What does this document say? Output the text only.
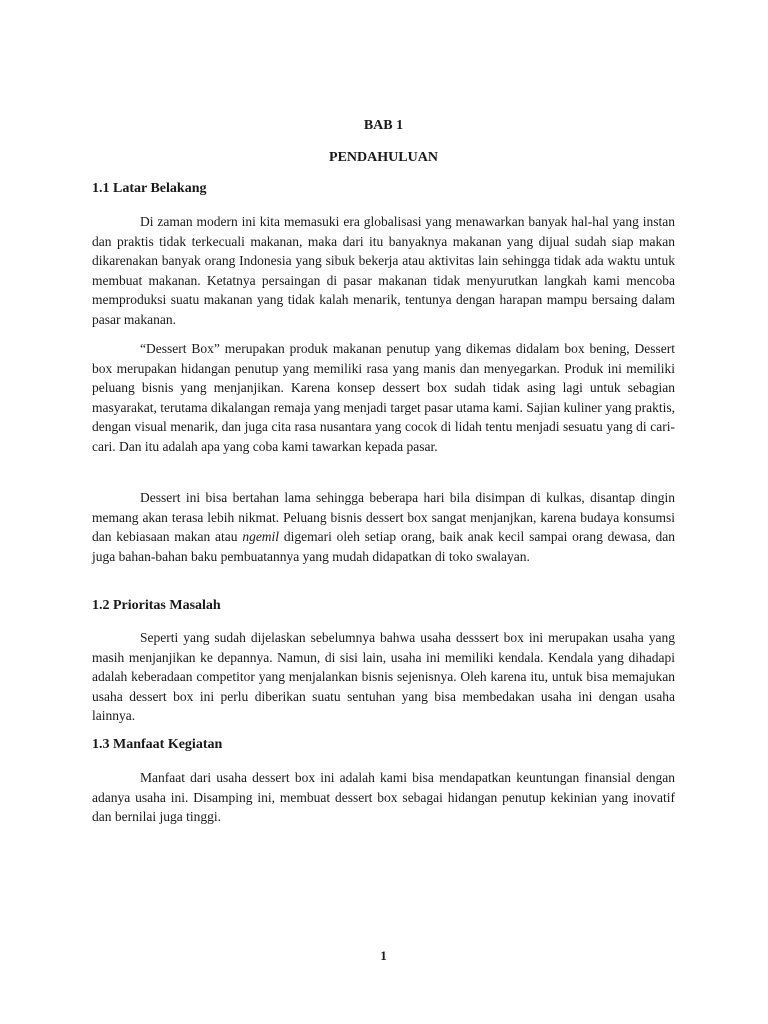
BAB 1
PENDAHULUAN
1.1 Latar Belakang

Di zaman modern ini kita memasuki era globalisasi yang menawarkan banyak hal-hal yang instan dan praktis tidak terkecuali makanan, maka dari itu banyaknya makanan yang dijual sudah siap makan dikarenakan banyak orang Indonesia yang sibuk bekerja atau aktivitas lain sehingga tidak ada waktu untuk membuat makanan. Ketatnya persaingan di pasar makanan tidak menyurutkan langkah kami mencoba memproduksi suatu makanan yang tidak kalah menarik, tentunya dengan harapan mampu bersaing dalam pasar makanan.

“Dessert Box” merupakan produk makanan penutup yang dikemas didalam box bening, Dessert box merupakan hidangan penutup yang memiliki rasa yang manis dan menyegarkan. Produk ini memiliki peluang bisnis yang menjanjikan. Karena konsep dessert box sudah tidak asing lagi untuk sebagian masyarakat, terutama dikalangan remaja yang menjadi target pasar utama kami. Sajian kuliner yang praktis, dengan visual menarik, dan juga cita rasa nusantara yang cocok di lidah tentu menjadi sesuatu yang di cari-cari. Dan itu adalah apa yang coba kami tawarkan kepada pasar.

Dessert ini bisa bertahan lama sehingga beberapa hari bila disimpan di kulkas, disantap dingin memang akan terasa lebih nikmat. Peluang bisnis dessert box sangat menjanjkan, karena budaya konsumsi dan kebiasaan makan atau ngemil digemari oleh setiap orang, baik anak kecil sampai orang dewasa, dan juga bahan-bahan baku pembuatannya yang mudah didapatkan di toko swalayan.

1.2 Prioritas Masalah

Seperti yang sudah dijelaskan sebelumnya bahwa usaha desssert box ini merupakan usaha yang masih menjanjikan ke depannya. Namun, di sisi lain, usaha ini memiliki kendala. Kendala yang dihadapi adalah keberadaan competitor yang menjalankan bisnis sejenisnya. Oleh karena itu, untuk bisa memajukan usaha dessert box ini perlu diberikan suatu sentuhan yang bisa membedakan usaha ini dengan usaha lainnya.

1.3 Manfaat Kegiatan

Manfaat dari usaha dessert box ini adalah kami bisa mendapatkan keuntungan finansial dengan adanya usaha ini. Disamping ini, membuat dessert box sebagai hidangan penutup kekinian yang inovatif dan bernilai juga tinggi.

1
